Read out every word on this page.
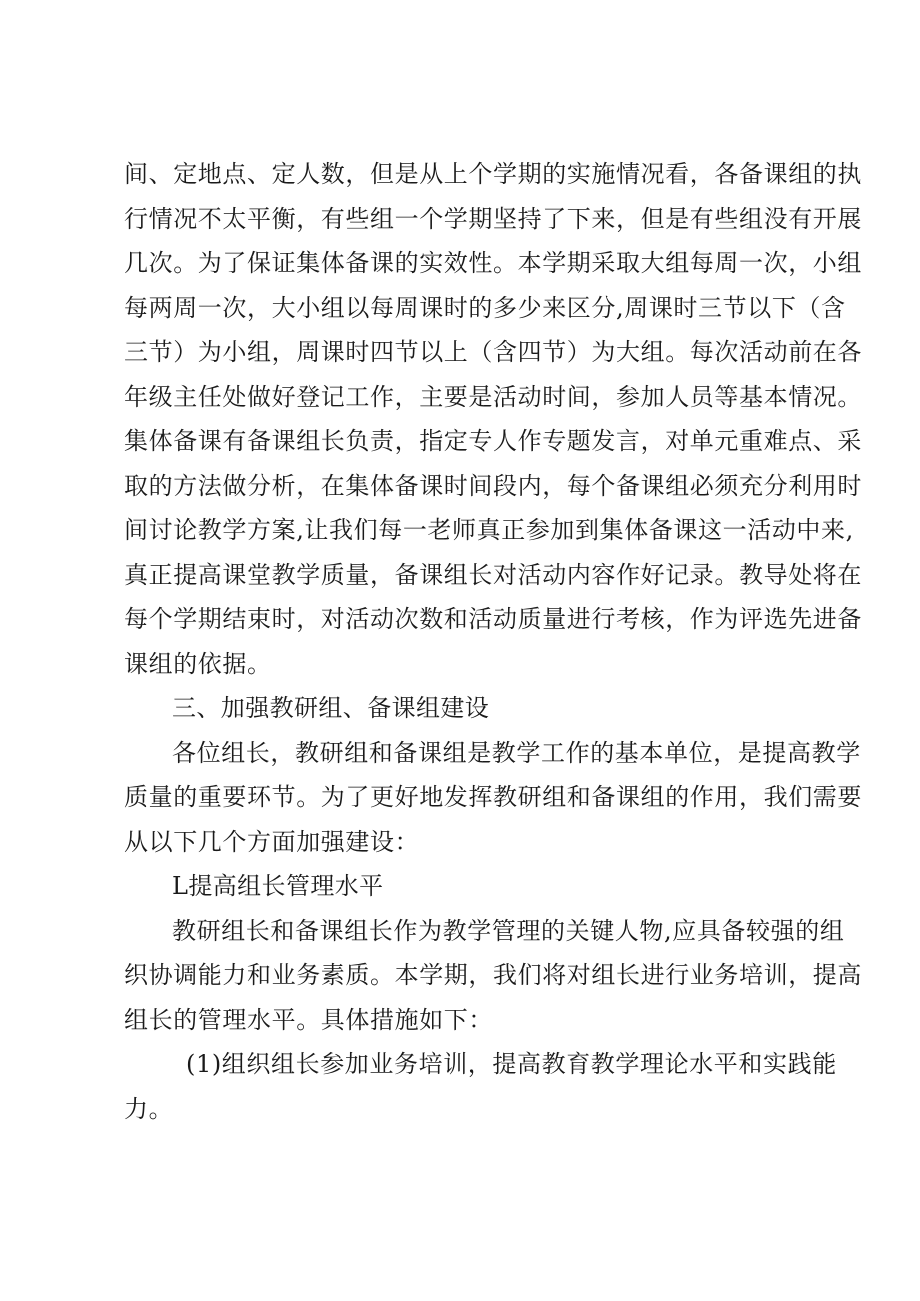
间、定地点、定人数，但是从上个学期的实施情况看，各备课组的执
行情况不太平衡，有些组一个学期坚持了下来，但是有些组没有开展
几次。为了保证集体备课的实效性。本学期采取大组每周一次，小组
每两周一次，大小组以每周课时的多少来区分,周课时三节以下（含
三节）为小组，周课时四节以上（含四节）为大组。每次活动前在各
年级主任处做好登记工作，主要是活动时间，参加人员等基本情况。
集体备课有备课组长负责，指定专人作专题发言，对单元重难点、采
取的方法做分析，在集体备课时间段内，每个备课组必须充分利用时
间讨论教学方案,让我们每一老师真正参加到集体备课这一活动中来,
真正提高课堂教学质量，备课组长对活动内容作好记录。教导处将在
每个学期结束时，对活动次数和活动质量进行考核，作为评选先进备
课组的依据。
三、加强教研组、备课组建设
各位组长，教研组和备课组是教学工作的基本单位，是提高教学
质量的重要环节。为了更好地发挥教研组和备课组的作用，我们需要
从以下几个方面加强建设：
L提高组长管理水平
教研组长和备课组长作为教学管理的关键人物,应具备较强的组
织协调能力和业务素质。本学期，我们将对组长进行业务培训，提高
组长的管理水平。具体措施如下：
(1)组织组长参加业务培训，提高教育教学理论水平和实践能
力。
